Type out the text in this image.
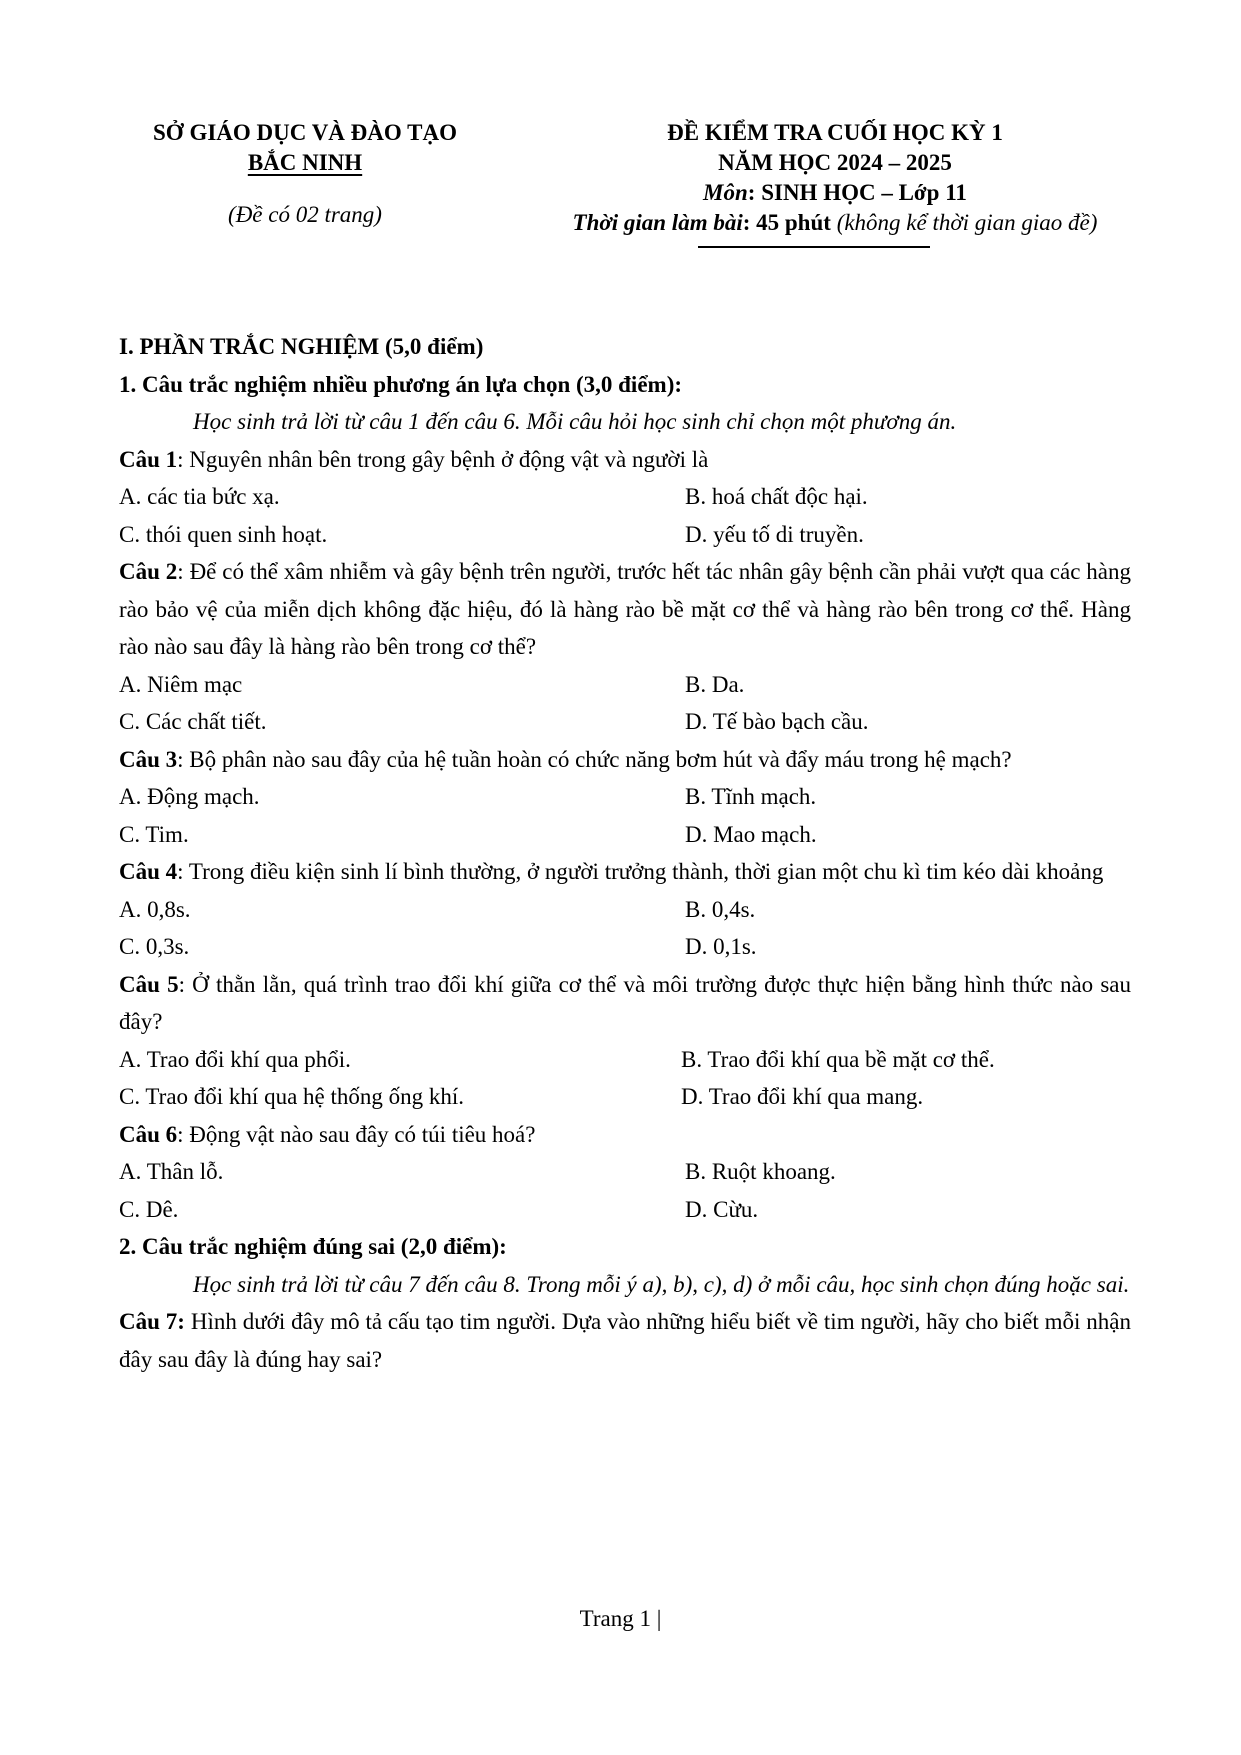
SỞ GIÁO DỤC VÀ ĐÀO TẠO
BẮC NINH
(Đề có 02 trang)
ĐỀ KIỂM TRA CUỐI HỌC KỲ 1
NĂM HỌC 2024 – 2025
Môn: SINH HỌC – Lớp 11
Thời gian làm bài: 45 phút (không kể thời gian giao đề)
I. PHẦN TRẮC NGHIỆM (5,0 điểm)
1. Câu trắc nghiệm nhiều phương án lựa chọn (3,0 điểm):
Học sinh trả lời từ câu 1 đến câu 6. Mỗi câu hỏi học sinh chỉ chọn một phương án.
Câu 1: Nguyên nhân bên trong gây bệnh ở động vật và người là
A. các tia bức xạ.	B. hoá chất độc hại.
C. thói quen sinh hoạt.	D. yếu tố di truyền.
Câu 2: Để có thể xâm nhiễm và gây bệnh trên người, trước hết tác nhân gây bệnh cần phải vượt qua các hàng rào bảo vệ của miễn dịch không đặc hiệu, đó là hàng rào bề mặt cơ thể và hàng rào bên trong cơ thể. Hàng rào nào sau đây là hàng rào bên trong cơ thể?
A. Niêm mạc	B. Da.
C. Các chất tiết.	D. Tế bào bạch cầu.
Câu 3: Bộ phân nào sau đây của hệ tuần hoàn có chức năng bơm hút và đẩy máu trong hệ mạch?
A. Động mạch.	B. Tĩnh mạch.
C. Tim.	D. Mao mạch.
Câu 4: Trong điều kiện sinh lí bình thường, ở người trưởng thành, thời gian một chu kì tim kéo dài khoảng
A. 0,8s.	B. 0,4s.
C. 0,3s.	D. 0,1s.
Câu 5: Ở thằn lằn, quá trình trao đổi khí giữa cơ thể và môi trường được thực hiện bằng hình thức nào sau đây?
A. Trao đổi khí qua phổi.	B. Trao đổi khí qua bề mặt cơ thể.
C. Trao đổi khí qua hệ thống ống khí.	D. Trao đổi khí qua mang.
Câu 6: Động vật nào sau đây có túi tiêu hoá?
A. Thân lỗ.	B. Ruột khoang.
C. Dê.	D. Cừu.
2. Câu trắc nghiệm đúng sai (2,0 điểm):
Học sinh trả lời từ câu 7 đến câu 8. Trong mỗi ý a), b), c), d) ở mỗi câu, học sinh chọn đúng hoặc sai.
Câu 7: Hình dưới đây mô tả cấu tạo tim người. Dựa vào những hiểu biết về tim người, hãy cho biết mỗi nhận đây sau đây là đúng hay sai?
Trang 1 |
